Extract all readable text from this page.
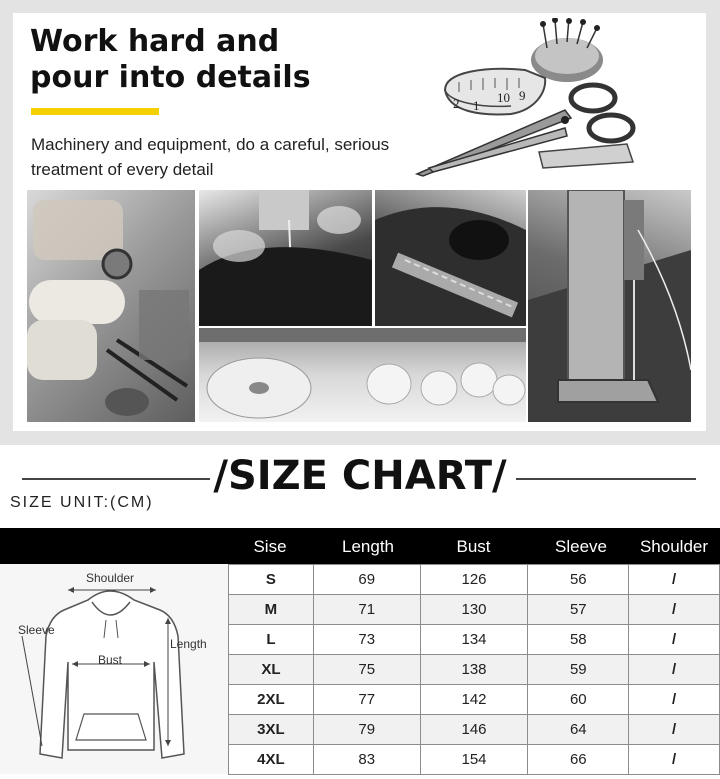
Work hard and
pour into details
Machinery and equipment, do a careful, serious treatment of every detail
2 1
10 9
/SIZE CHART/
SIZE UNIT:(CM)
Sise	Length	Bust	Sleeve	Shoulder
Shoulder
Sleeve
Length
Bust
S	69	126	56	/
M	71	130	57	/
L	73	134	58	/
XL	75	138	59	/
2XL	77	142	60	/
3XL	79	146	64	/
4XL	83	154	66	/
